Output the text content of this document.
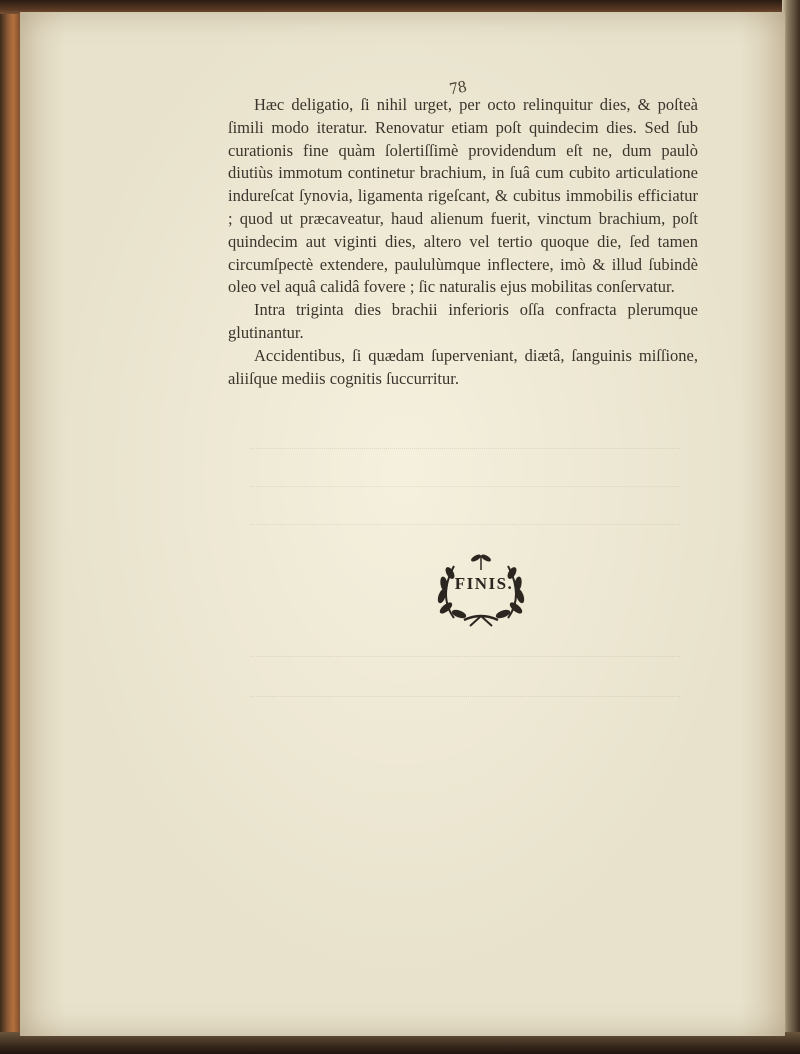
78

Hæc deligatio, ſi nihil urget, per octo relinquitur dies, & poſteà ſimili modo iteratur. Renovatur etiam poſt quindecim dies. Sed ſub curationis fine quàm ſolertiſſimè providendum eſt ne, dum paulò diutiùs immotum continetur brachium, in ſuâ cum cubito articulatione indureſcat ſynovia, ligamenta rigeſcant, & cubitus immobilis efficiatur ; quod ut præcaveatur, haud alienum fuerit, vinctum brachium, poſt quindecim aut viginti dies, altero vel tertio quoque die, ſed tamen circumſpectè extendere, paululùmque inflectere, imò & illud ſubindè oleo vel aquâ calidâ fovere ; ſic naturalis ejus mobilitas conſervatur.

Intra triginta dies brachii inferioris oſſa confracta plerumque glutinantur.

Accidentibus, ſi quædam ſuperveniant, diætâ, ſanguinis miſſione, aliiſque mediis cognitis ſuccurritur.

FINIS.
